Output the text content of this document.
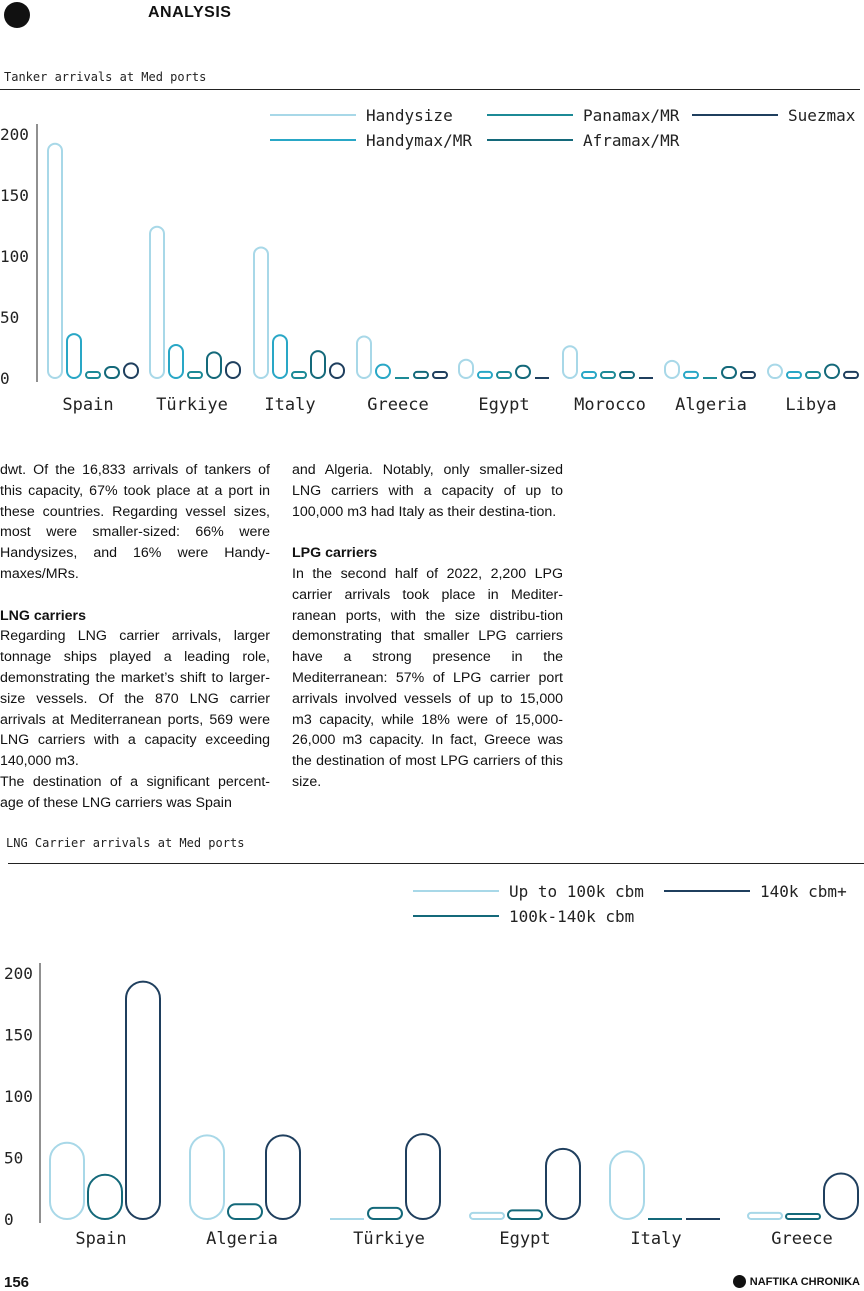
ANALYSIS
Tanker arrivals at Med ports
Handysize
Handymax/MR
Panamax/MR
Aframax/MR
Suezmax
0
50
100
150
200
Spain	Türkiye Italy	Greece	Egypt	Morocco Algeria Libya

dwt. Of the 16,833 arrivals of tankers of this capacity, 67% took place at a port in these countries. Regarding vessel sizes, most were smaller-sized: 66% were Handysizes, and 16% were Handy-maxes/MRs.

LNG carriers

Regarding LNG carrier arrivals, larger tonnage ships played a leading role, demonstrating the market’s shift to larger-size vessels. Of the 870 LNG carrier arrivals at Mediterranean ports, 569 were LNG carriers with a capacity exceeding 140,000 m3.

The destination of a significant percent-age of these LNG carriers was Spain

and Algeria. Notably, only smaller-sized LNG carriers with a capacity of up to 100,000 m3 had Italy as their destina-tion.

LPG carriers

In the second half of 2022, 2,200 LPG carrier arrivals took place in Mediter-ranean ports, with the size distribu-tion demonstrating that smaller LPG carriers have a strong presence in the Mediterranean: 57% of LPG carrier port arrivals involved vessels of up to 15,000 m3 capacity, while 18% were of 15,000-26,000 m3 capacity. In fact, Greece was the destination of most LPG carriers of this size.

LNG Carrier arrivals at Med ports
Up to 100k cbm
100k-140k cbm
140k cbm+
0
50
100
150
200
Spain	Algeria	Türkiye	Egypt	Italy	Greece
156	NAFTIKA CHRONIKA
